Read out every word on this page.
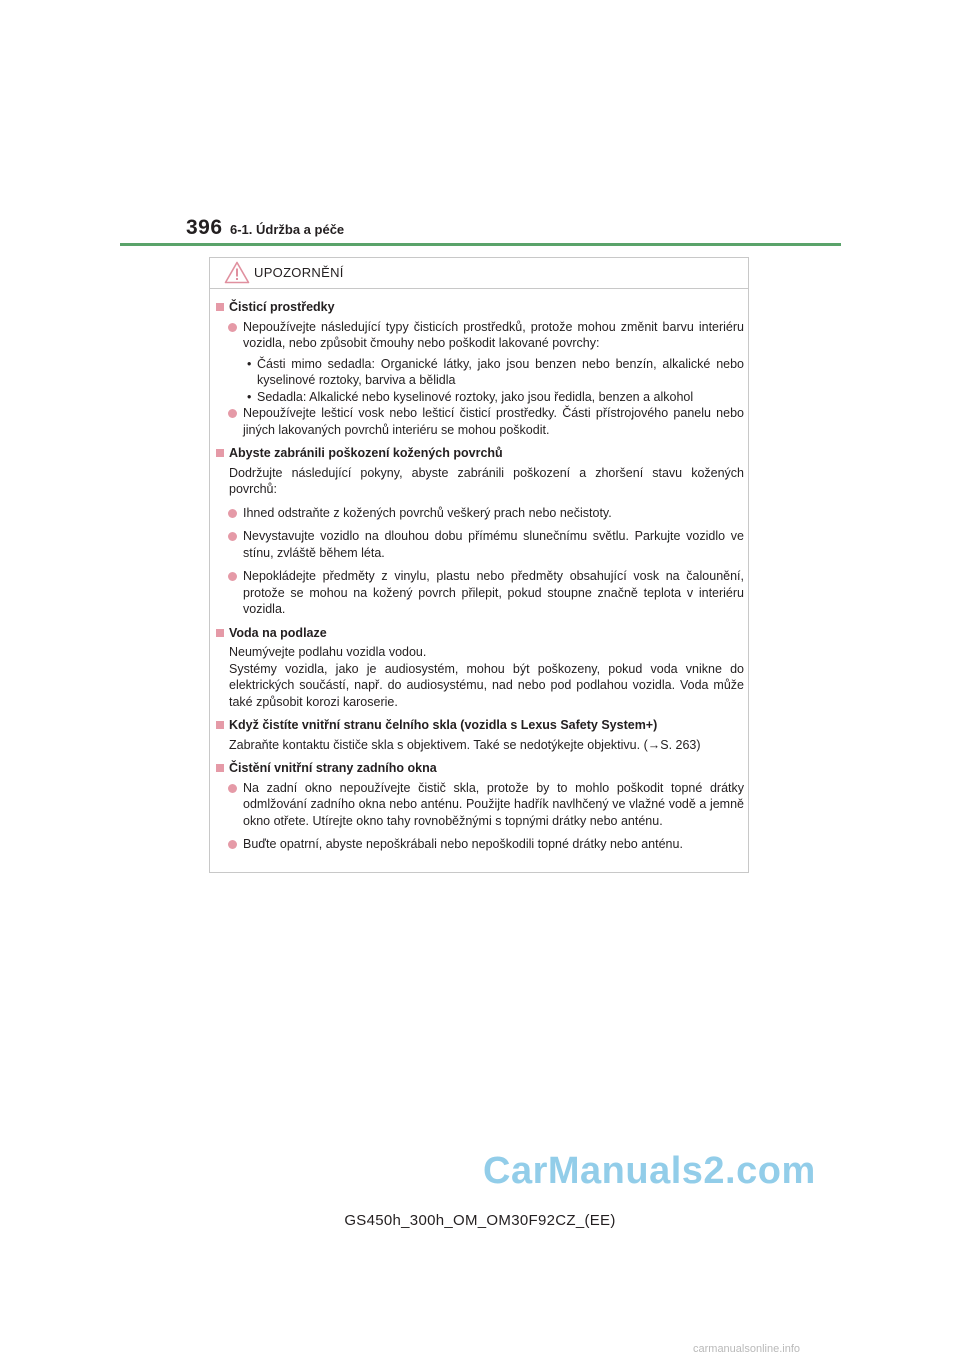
396 6-1. Údržba a péče
UPOZORNĚNÍ
Čisticí prostředky
Nepoužívejte následující typy čisticích prostředků, protože mohou změnit barvu interiéru vozidla, nebo způsobit čmouhy nebo poškodit lakované povrchy:
• Části mimo sedadla: Organické látky, jako jsou benzen nebo benzín, alkalické nebo kyselinové roztoky, barviva a bělidla
• Sedadla: Alkalické nebo kyselinové roztoky, jako jsou ředidla, benzen a alkohol
Nepoužívejte lešticí vosk nebo lešticí čisticí prostředky. Části přístrojového panelu nebo jiných lakovaných povrchů interiéru se mohou poškodit.
Abyste zabránili poškození kožených povrchů
Dodržujte následující pokyny, abyste zabránili poškození a zhoršení stavu kožených povrchů:
Ihned odstraňte z kožených povrchů veškerý prach nebo nečistoty.
Nevystavujte vozidlo na dlouhou dobu přímému slunečnímu světlu. Parkujte vozidlo ve stínu, zvláště během léta.
Nepokládejte předměty z vinylu, plastu nebo předměty obsahující vosk na čalounění, protože se mohou na kožený povrch přilepit, pokud stoupne značně teplota v interiéru vozidla.
Voda na podlaze
Neumývejte podlahu vozidla vodou.
Systémy vozidla, jako je audiosystém, mohou být poškozeny, pokud voda vnikne do elektrických součástí, např. do audiosystému, nad nebo pod podlahou vozidla. Voda může také způsobit korozi karoserie.
Když čistíte vnitřní stranu čelního skla (vozidla s Lexus Safety System+)
Zabraňte kontaktu čističe skla s objektivem. Také se nedotýkejte objektivu. (→S. 263)
Čistění vnitřní strany zadního okna
Na zadní okno nepoužívejte čistič skla, protože by to mohlo poškodit topné drátky odmlžování zadního okna nebo anténu. Použijte hadřík navlhčený ve vlažné vodě a jemně okno otřete. Utírejte okno tahy rovnoběžnými s topnými drátky nebo anténu.
Buďte opatrní, abyste nepoškrábali nebo nepoškodili topné drátky nebo anténu.
CarManuals2.com
GS450h_300h_OM_OM30F92CZ_(EE)
carmanualsonline.info
